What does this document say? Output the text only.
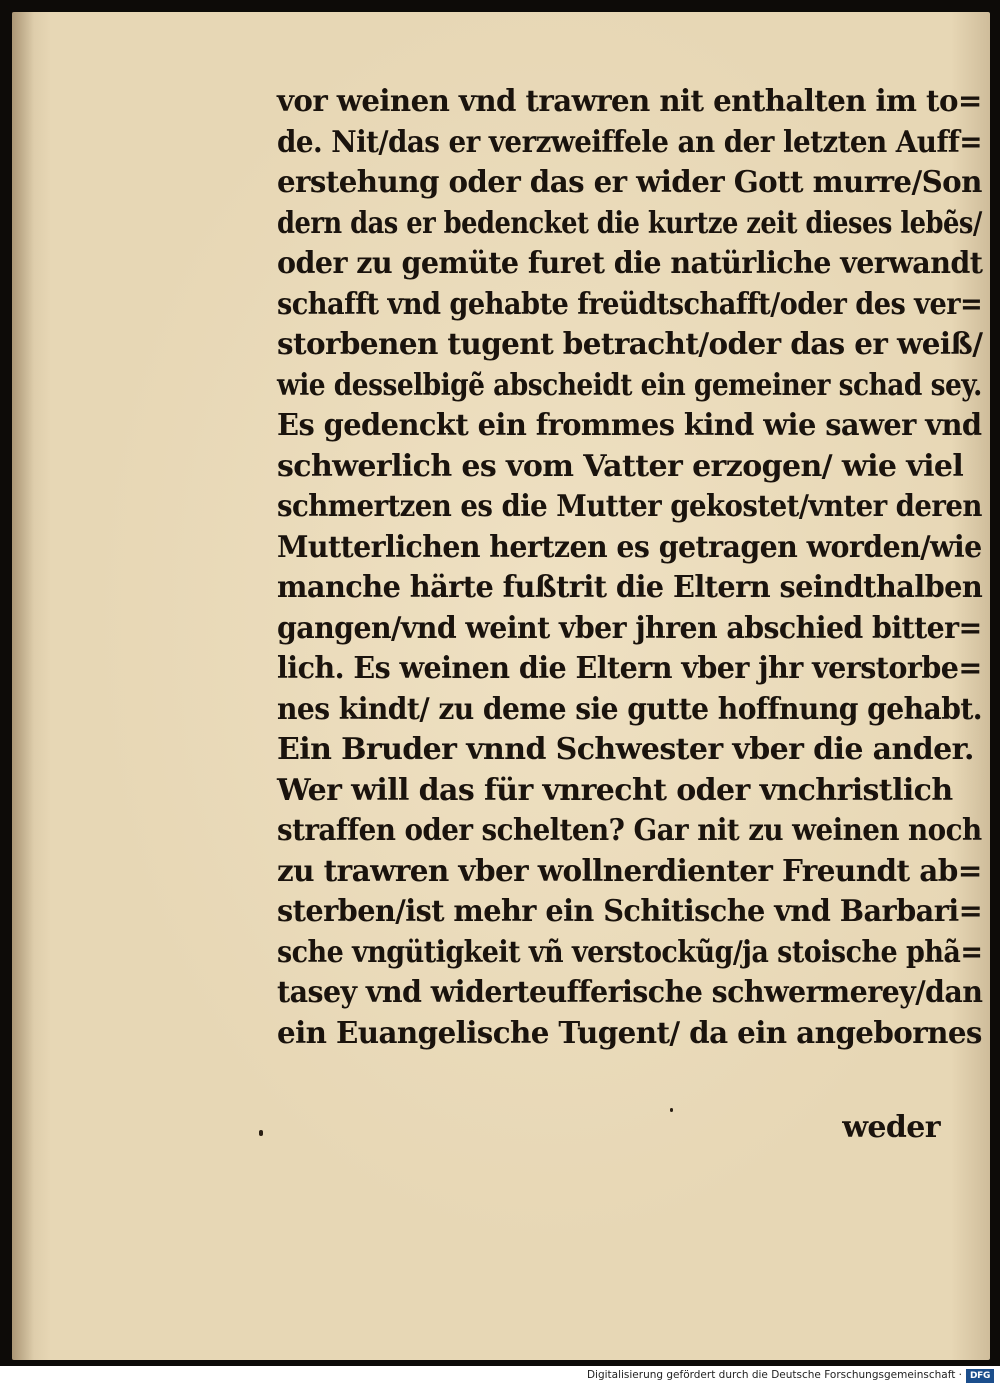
vor weinen vnd trawren nit enthalten im to=
de. Nit/das er verzweiffele an der letzten Auff=
erstehung oder das er wider Gott murre/Son
dern das er bedencket die kurtze zeit dieses lebẽs/
oder zu gemüte furet die natürliche verwandt
schafft vnd gehabte freüdtschafft/oder des ver=
storbenen tugent betracht/oder das er weiß/
wie desselbigẽ abscheidt ein gemeiner schad sey.
Es gedenckt ein frommes kind wie sawer vnd
schwerlich es vom Vatter erzogen/ wie viel
schmertzen es die Mutter gekostet/vnter deren
Mutterlichen hertzen es getragen worden/wie
manche härte fußtrit die Eltern seindthalben
gangen/vnd weint vber jhren abschied bitter=
lich. Es weinen die Eltern vber jhr verstorbe=
nes kindt/ zu deme sie gutte hoffnung gehabt.
Ein Bruder vnnd Schwester vber die ander.
Wer will das für vnrecht oder vnchristlich
straffen oder schelten? Gar nit zu weinen noch
zu trawren vber wollnerdienter Freundt ab=
sterben/ist mehr ein Schitische vnd Barbari=
sche vngütigkeit vñ verstockũg/ja stoische phã=
tasey vnd widerteufferische schwermerey/dan
ein Euangelische Tugent/ da ein angebornes
weder
Digitalisierung gefördert durch die Deutsche Forschungsgemeinschaft · DFG
